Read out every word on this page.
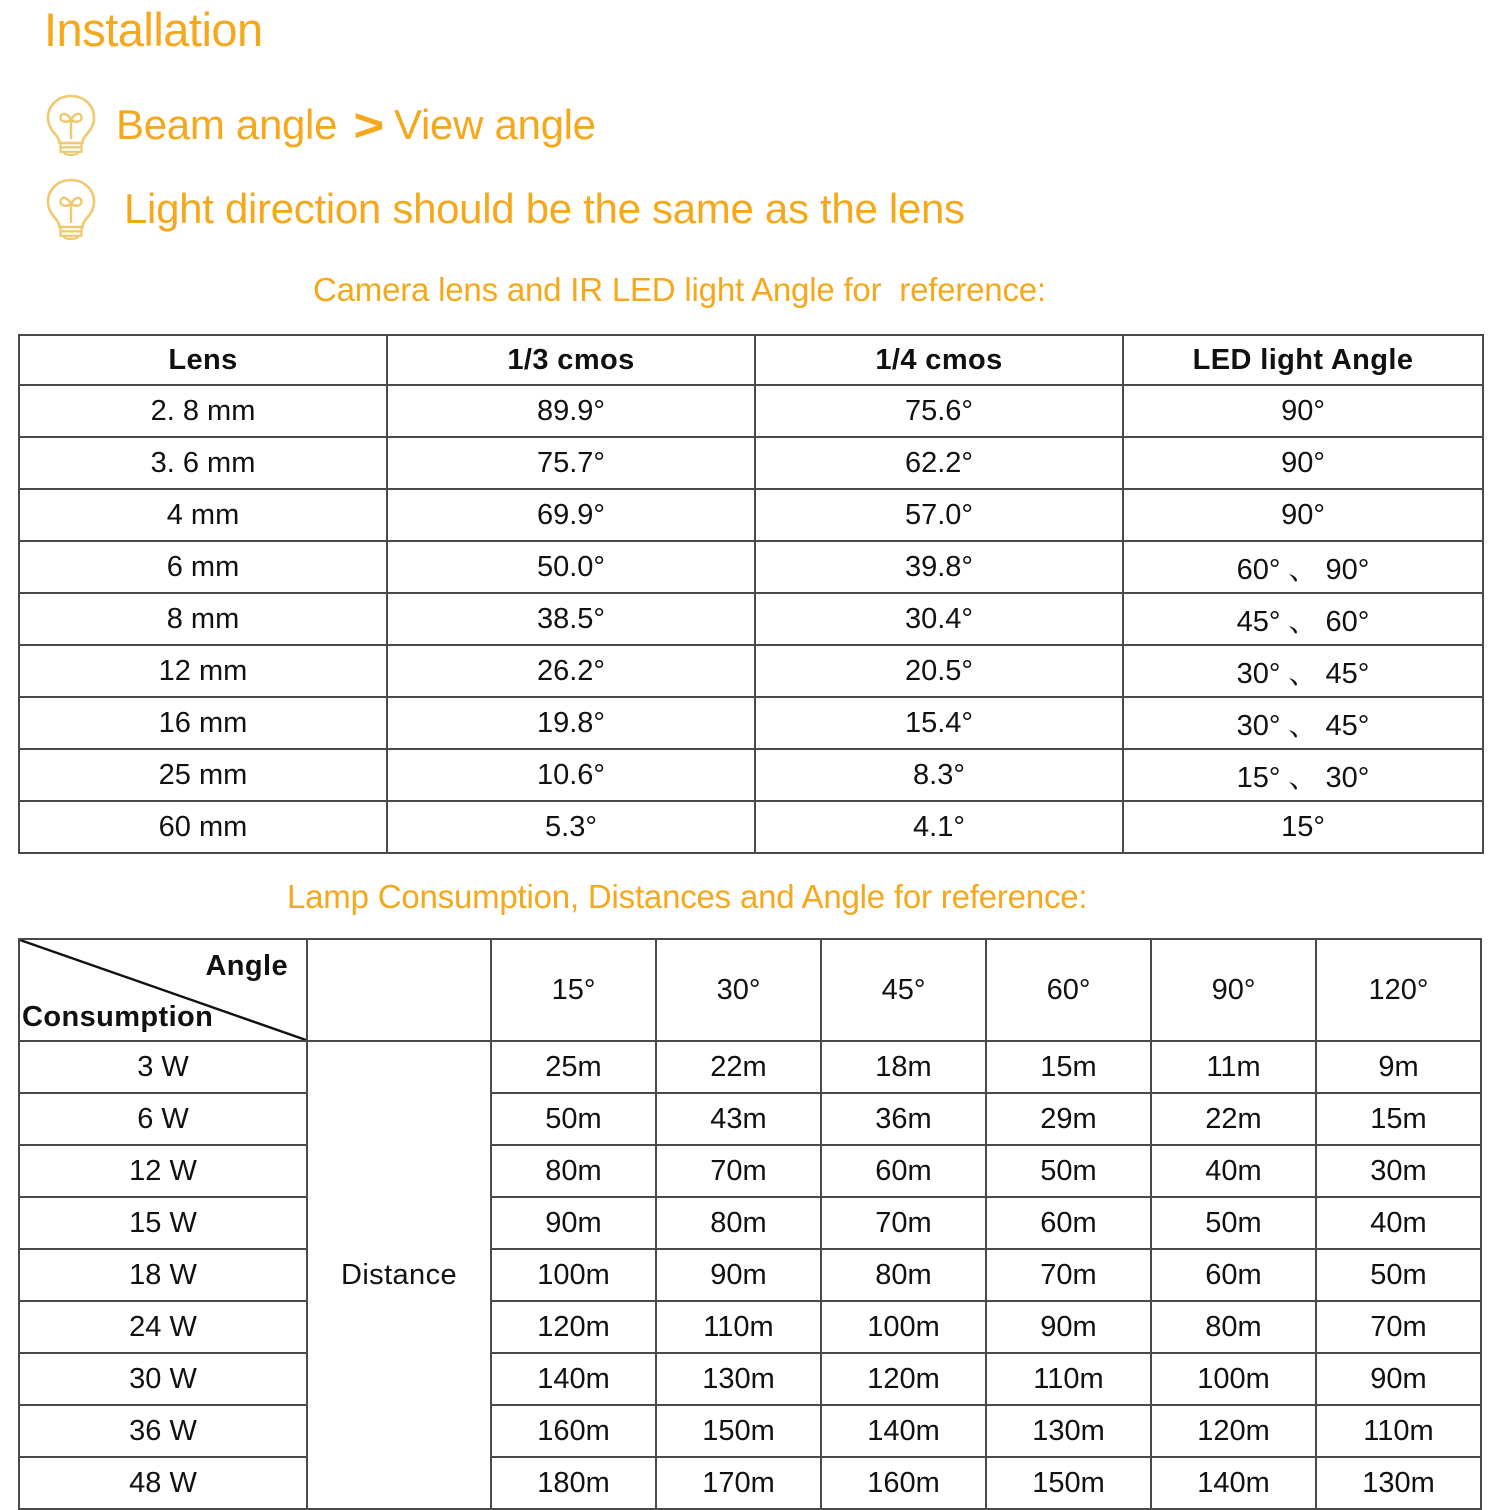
Installation
Beam angle > View angle
Light direction should be the same as the lens
Camera lens and IR LED light Angle for  reference:
Lens	1/3 cmos	1/4 cmos	LED light Angle
2. 8 mm	89.9°	75.6°	90°
3. 6 mm	75.7°	62.2°	90°
4 mm	69.9°	57.0°	90°
6 mm	50.0°	39.8°	60° 、 90°
8 mm	38.5°	30.4°	45° 、 60°
12 mm	26.2°	20.5°	30° 、 45°
16 mm	19.8°	15.4°	30° 、 45°
25 mm	10.6°	8.3°	15° 、 30°
60 mm	5.3°	4.1°	15°
Lamp Consumption, Distances and Angle for reference:
Angle
Consumption		15°	30°	45°	60°	90°	120°
3 W	Distance	25m	22m	18m	15m	11m	9m
6 W		50m	43m	36m	29m	22m	15m
12 W		80m	70m	60m	50m	40m	30m
15 W		90m	80m	70m	60m	50m	40m
18 W		100m	90m	80m	70m	60m	50m
24 W		120m	110m	100m	90m	80m	70m
30 W		140m	130m	120m	110m	100m	90m
36 W		160m	150m	140m	130m	120m	110m
48 W		180m	170m	160m	150m	140m	130m
